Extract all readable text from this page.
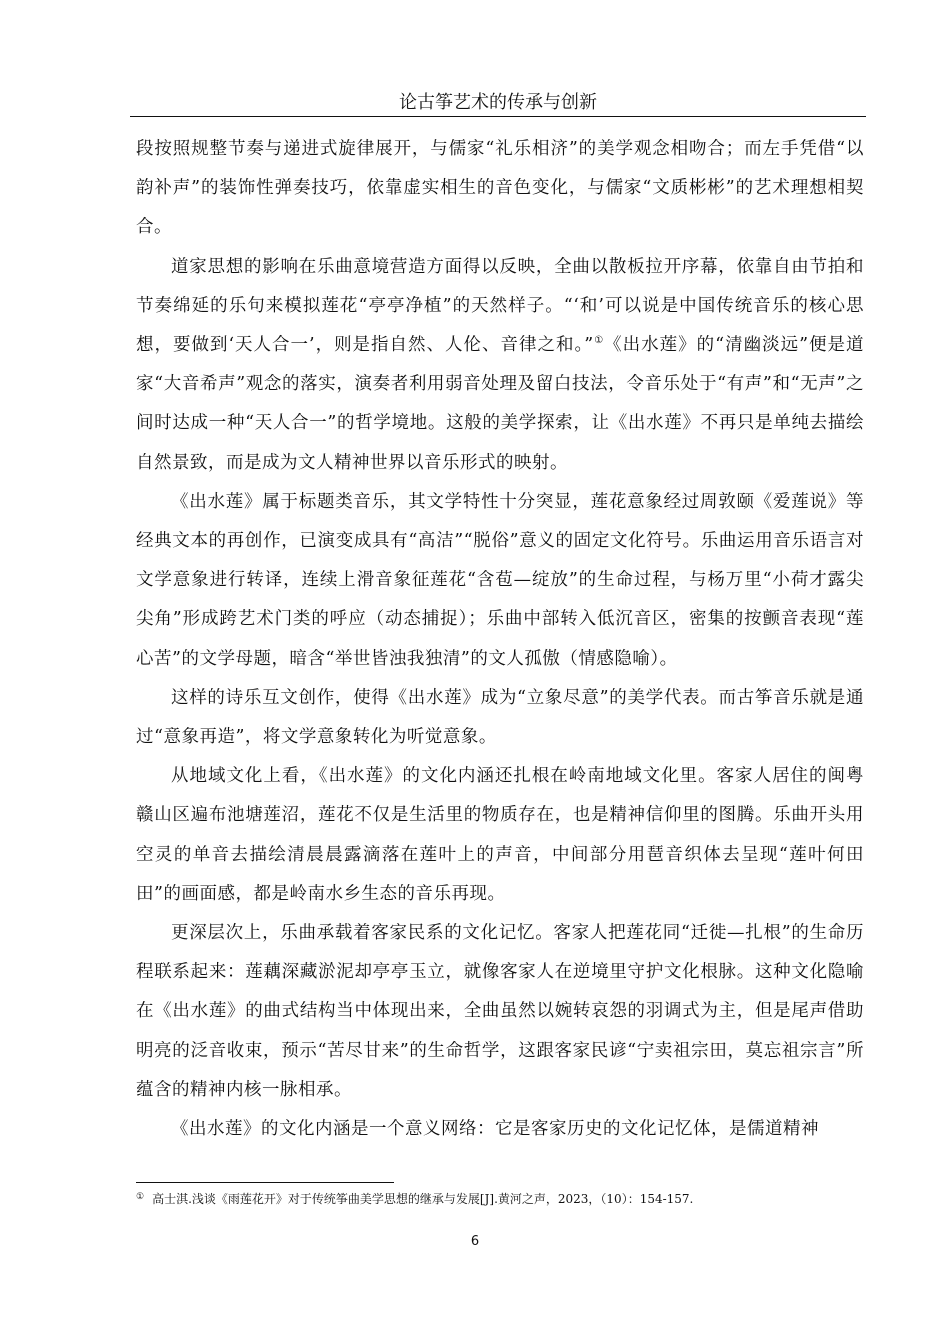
论古筝艺术的传承与创新

段按照规整节奏与递进式旋律展开，与儒家“礼乐相济”的美学观念相吻合；而左手凭借“以韵补声”的装饰性弹奏技巧，依靠虚实相生的音色变化，与儒家“文质彬彬”的艺术理想相契合。

道家思想的影响在乐曲意境营造方面得以反映，全曲以散板拉开序幕，依靠自由节拍和节奏绵延的乐句来模拟莲花“亭亭净植”的天然样子。“‘和’可以说是中国传统音乐的核心思想，要做到‘天人合一’，则是指自然、人伦、音律之和。”①《出水莲》的“清幽淡远”便是道家“大音希声”观念的落实，演奏者利用弱音处理及留白技法，令音乐处于“有声”和“无声”之间时达成一种“天人合一”的哲学境地。这般的美学探索，让《出水莲》不再只是单纯去描绘自然景致，而是成为文人精神世界以音乐形式的映射。

《出水莲》属于标题类音乐，其文学特性十分突显，莲花意象经过周敦颐《爱莲说》等经典文本的再创作，已演变成具有“高洁”“脱俗”意义的固定文化符号。乐曲运用音乐语言对文学意象进行转译，连续上滑音象征莲花“含苞—绽放”的生命过程，与杨万里“小荷才露尖尖角”形成跨艺术门类的呼应（动态捕捉）；乐曲中部转入低沉音区，密集的按颤音表现“莲心苦”的文学母题，暗含“举世皆浊我独清”的文人孤傲（情感隐喻）。

这样的诗乐互文创作，使得《出水莲》成为“立象尽意”的美学代表。而古筝音乐就是通过“意象再造”，将文学意象转化为听觉意象。

从地域文化上看，《出水莲》的文化内涵还扎根在岭南地域文化里。客家人居住的闽粤赣山区遍布池塘莲沼，莲花不仅是生活里的物质存在，也是精神信仰里的图腾。乐曲开头用空灵的单音去描绘清晨晨露滴落在莲叶上的声音，中间部分用琶音织体去呈现“莲叶何田田”的画面感，都是岭南水乡生态的音乐再现。

更深层次上，乐曲承载着客家民系的文化记忆。客家人把莲花同“迁徙—扎根”的生命历程联系起来：莲藕深藏淤泥却亭亭玉立，就像客家人在逆境里守护文化根脉。这种文化隐喻在《出水莲》的曲式结构当中体现出来，全曲虽然以婉转哀怨的羽调式为主，但是尾声借助明亮的泛音收束，预示“苦尽甘来”的生命哲学，这跟客家民谚“宁卖祖宗田，莫忘祖宗言”所蕴含的精神内核一脉相承。

《出水莲》的文化内涵是一个意义网络：它是客家历史的文化记忆体，是儒道精神

① 高士淇.浅谈《雨莲花开》对于传统筝曲美学思想的继承与发展[J].黄河之声，2023，（10）：154-157.
6
